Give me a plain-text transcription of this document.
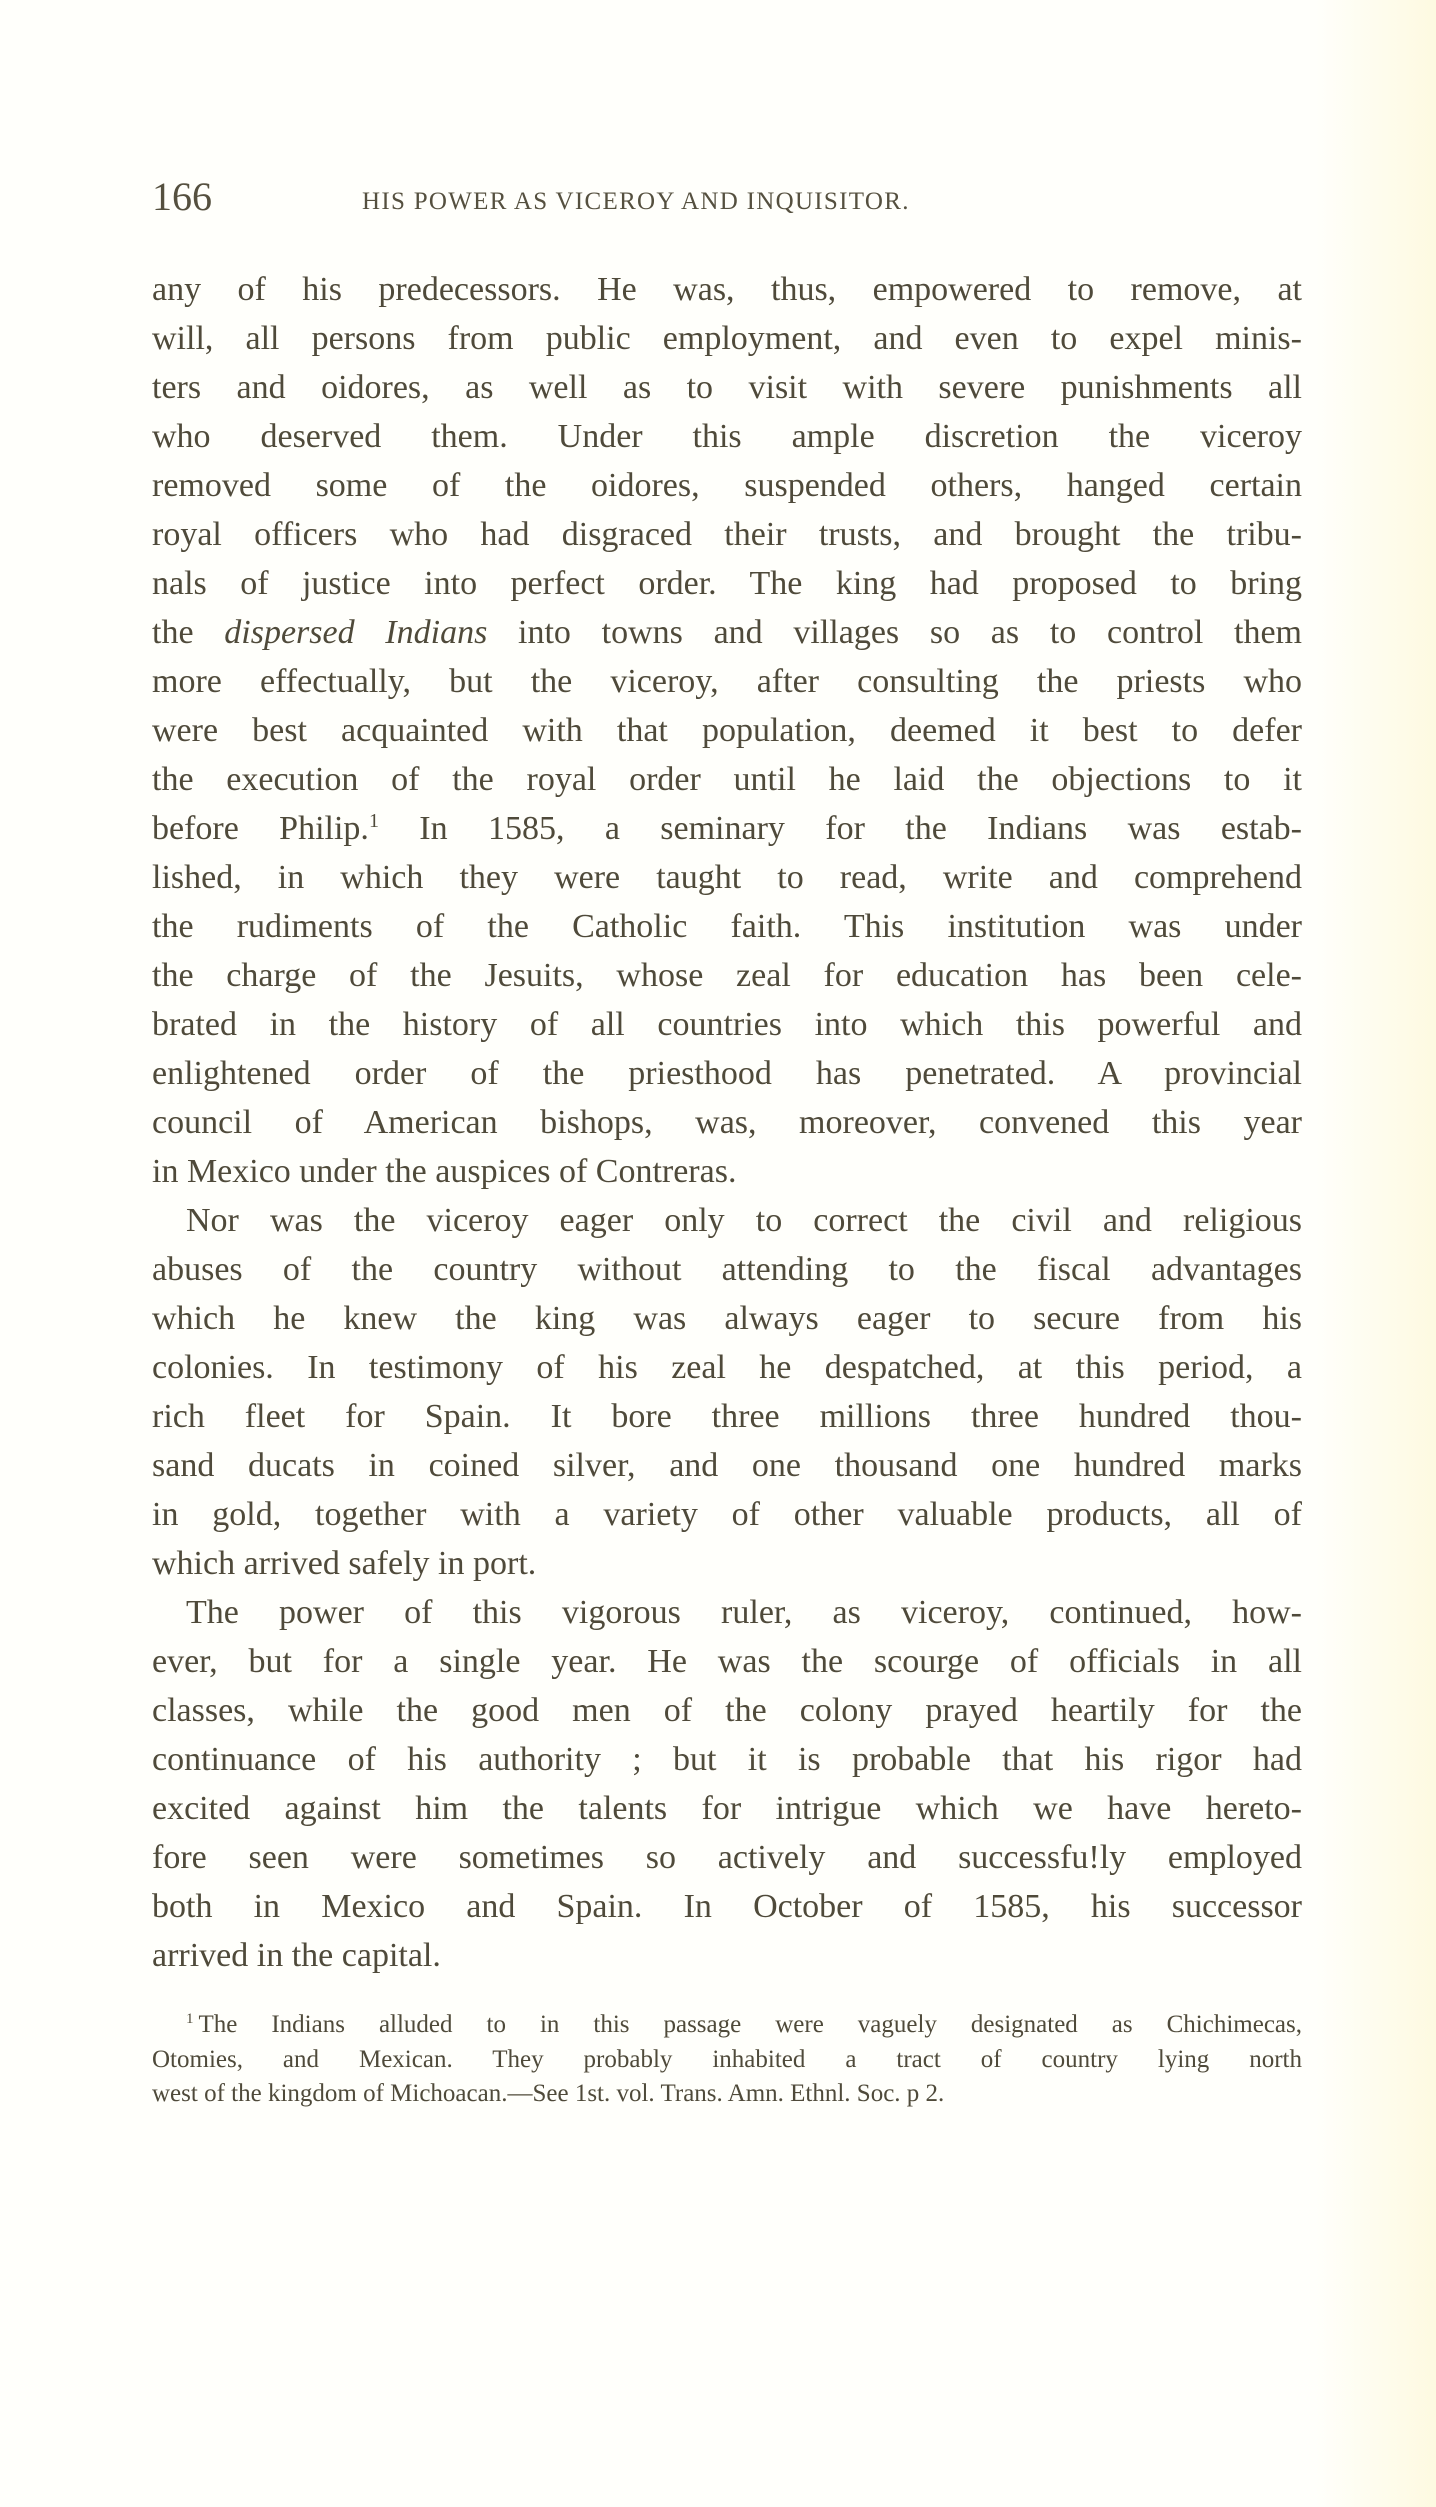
166	HIS POWER AS VICEROY AND INQUISITOR.
any of his predecessors. He was, thus, empowered to remove, at
will, all persons from public employment, and even to expel minis-
ters and oidores, as well as to visit with severe punishments all
who deserved them. Under this ample discretion the viceroy
removed some of the oidores, suspended others, hanged certain
royal officers who had disgraced their trusts, and brought the tribu-
nals of justice into perfect order. The king had proposed to bring
the dispersed Indians into towns and villages so as to control them
more effectually, but the viceroy, after consulting the priests who
were best acquainted with that population, deemed it best to defer
the execution of the royal order until he laid the objections to it
before Philip.$^1$ In 1585, a seminary for the Indians was estab-
lished, in which they were taught to read, write and comprehend
the rudiments of the Catholic faith. This institution was under
the charge of the Jesuits, whose zeal for education has been cele-
brated in the history of all countries into which this powerful and
enlightened order of the priesthood has penetrated. A provincial
council of American bishops, was, moreover, convened this year
in Mexico under the auspices of Contreras.
Nor was the viceroy eager only to correct the civil and religious
abuses of the country without attending to the fiscal advantages
which he knew the king was always eager to secure from his
colonies. In testimony of his zeal he despatched, at this period, a
rich fleet for Spain. It bore three millions three hundred thou-
sand ducats in coined silver, and one thousand one hundred marks
in gold, together with a variety of other valuable products, all of
which arrived safely in port.
The power of this vigorous ruler, as viceroy, continued, how-
ever, but for a single year. He was the scourge of officials in all
classes, while the good men of the colony prayed heartily for the
continuance of his authority ; but it is probable that his rigor had
excited against him the talents for intrigue which we have hereto-
fore seen were sometimes so actively and successfu!ly employed
both in Mexico and Spain. In October of 1585, his successor
arrived in the capital.
$^1$ The Indians alluded to in this passage were vaguely designated as Chichimecas,
Otomies, and Mexican. They probably inhabited a tract of country lying north
west of the kingdom of Michoacan.—See 1st. vol. Trans. Amn. Ethnl. Soc. p 2.
